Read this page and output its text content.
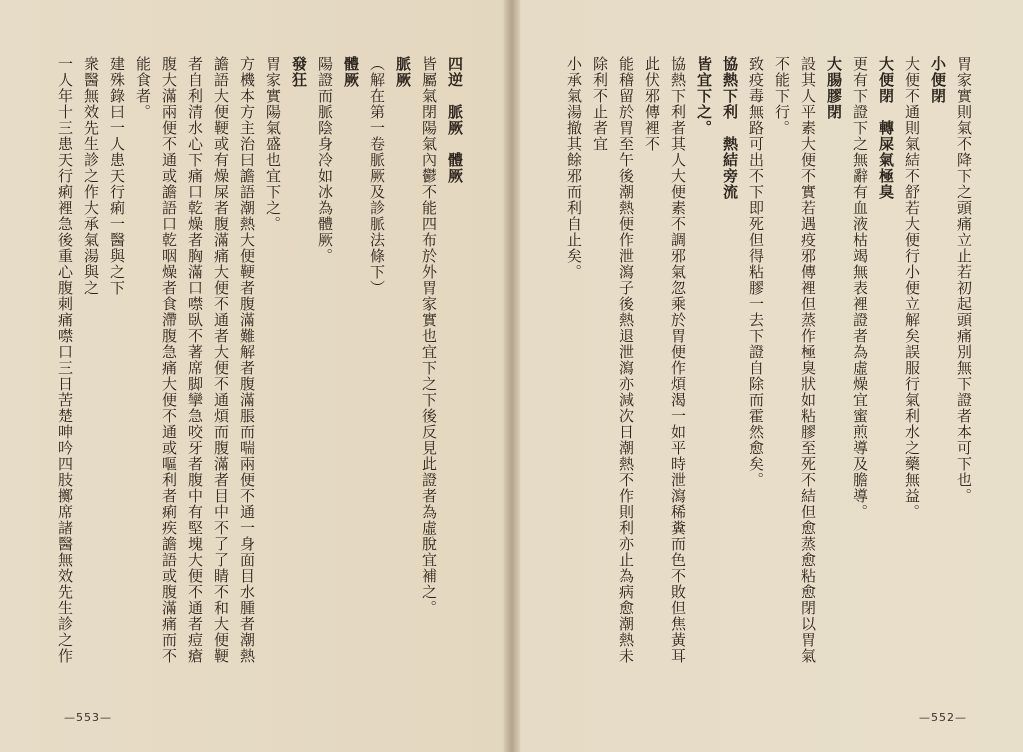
四逆　脈厥　體厥
皆屬氣閉陽氣內鬱不能四布於外胃家實也宜下之下後反見此證者為虛脫宜補之。
脈厥
（解在第一卷脈厥及診脈法條下）
體厥
陽證而脈陰身冷如冰為體厥。
發狂
胃家實陽氣盛也宜下之。
方機本方主治曰譫語潮熱大便鞕者腹滿難解者腹滿脹而喘兩便不通一身面目水腫者潮熱譫語大便鞕或有燥屎者腹滿痛大便不通者大便不通煩而腹滿者目中不了了睛不和大便鞕者自利清水心下痛口乾燥者胸滿口噤臥不著席脚攣急咬牙者腹中有堅塊大便不通者痘瘡腹大滿兩便不通或譫語口乾咽燥者食滯腹急痛大便不通或嘔利者痢疾譫語或腹滿痛而不能食者。
建殊錄曰一人患天行痢一醫與之下
衆醫無效先生診之作大承氣湯與之
一人年十三患天行痢裡急後重心腹刺痛噤口三日苦楚呻吟四肢擲席諸醫無效先生診之作
—553—
胃家實則氣不降下之頭痛立止若初起頭痛別無下證者本可下也。
小便閉
大便不通則氣結不舒若大便行小便立解矣誤服行氣利水之藥無益。
大便閉　轉屎氣極臭
更有下證下之無辭有血液枯竭無表裡證者為虛燥宜蜜煎導及膽導。
大腸膠閉
設其人平素大便不實若遇疫邪傳裡但蒸作極臭狀如粘膠至死不結但愈蒸愈粘愈閉以胃氣不能下行。
致疫毒無路可出不下即死但得粘膠一去下證自除而霍然愈矣。
協熱下利　熱結旁流
皆宜下之。
協熱下利者其人大便素不調邪氣忽乘於胃便作煩渴一如平時泄瀉稀糞而色不敗但焦黃耳此伏邪傳裡不
能稽留於胃至午後潮熱便作泄瀉子後熱退泄瀉亦減次日潮熱不作則利亦止為病愈潮熱未除利不止者宜
小承氣湯撤其餘邪而利自止矣。
—552—
